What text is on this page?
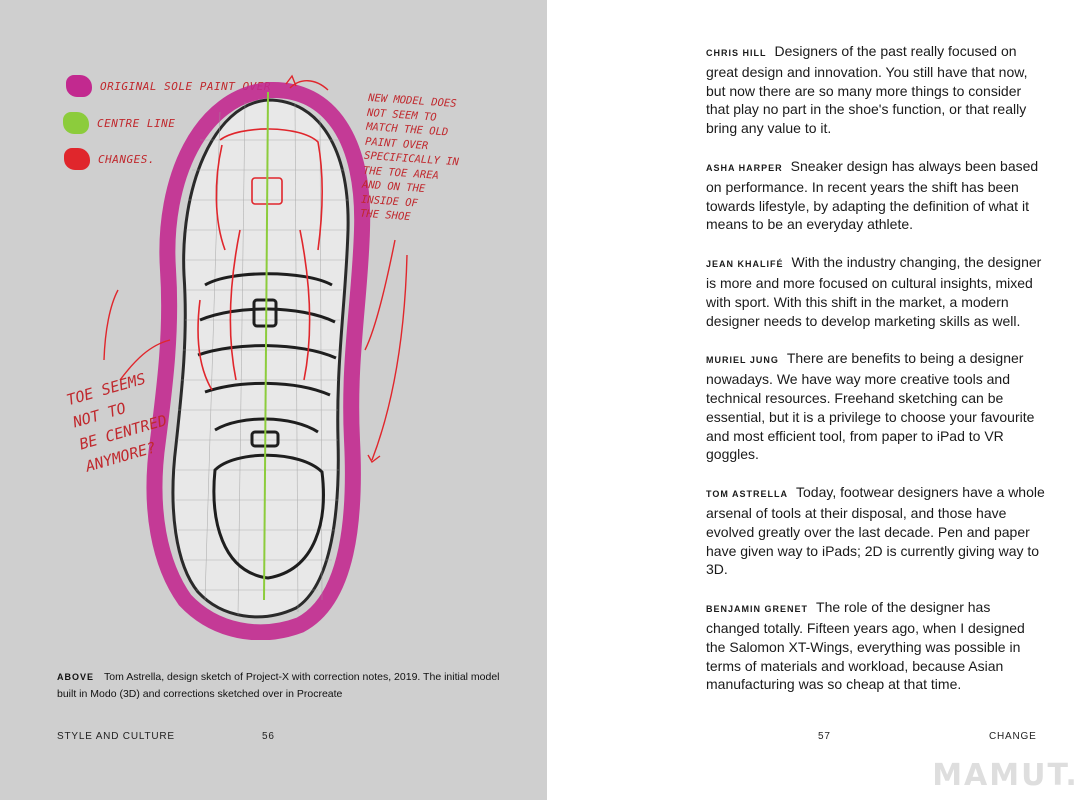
ORIGINAL SOLE PAINT OVER
CENTRE LINE
CHANGES.
NEW MODEL DOES
NOT SEEM TO
MATCH THE OLD
PAINT OVER
SPECIFICALLY IN
THE TOE AREA
AND ON THE
INSIDE OF
THE SHOE
TOE SEEMS
NOT TO
BE CENTRED
ANYMORE?
ABOVE Tom Astrella, design sketch of Project-X with correction notes, 2019. The initial model built in Modo (3D) and corrections sketched over in Procreate
STYLE AND CULTURE	56

CHRIS HILL Designers of the past really focused on great design and innovation. You still have that now, but now there are so many more things to consider that play no part in the shoe's function, or that really bring any value to it.

ASHA HARPER Sneaker design has always been based on performance. In recent years the shift has been towards lifestyle, by adapting the definition of what it means to be an everyday athlete.

JEAN KHALIFÉ With the industry changing, the designer is more and more focused on cultural insights, mixed with sport. With this shift in the market, a modern designer needs to develop marketing skills as well.

MURIEL JUNG There are benefits to being a designer nowadays. We have way more creative tools and technical resources. Freehand sketching can be essential, but it is a privilege to choose your favourite and most efficient tool, from paper to iPad to VR goggles.

TOM ASTRELLA Today, footwear designers have a whole arsenal of tools at their disposal, and those have evolved greatly over the last decade. Pen and paper have given way to iPads; 2D is currently giving way to 3D.

BENJAMIN GRENET The role of the designer has changed totally. Fifteen years ago, when I designed the Salomon XT-Wings, everything was possible in terms of materials and workload, because Asian manufacturing was so cheap at that time.

57	CHANGE
MAMUT.
